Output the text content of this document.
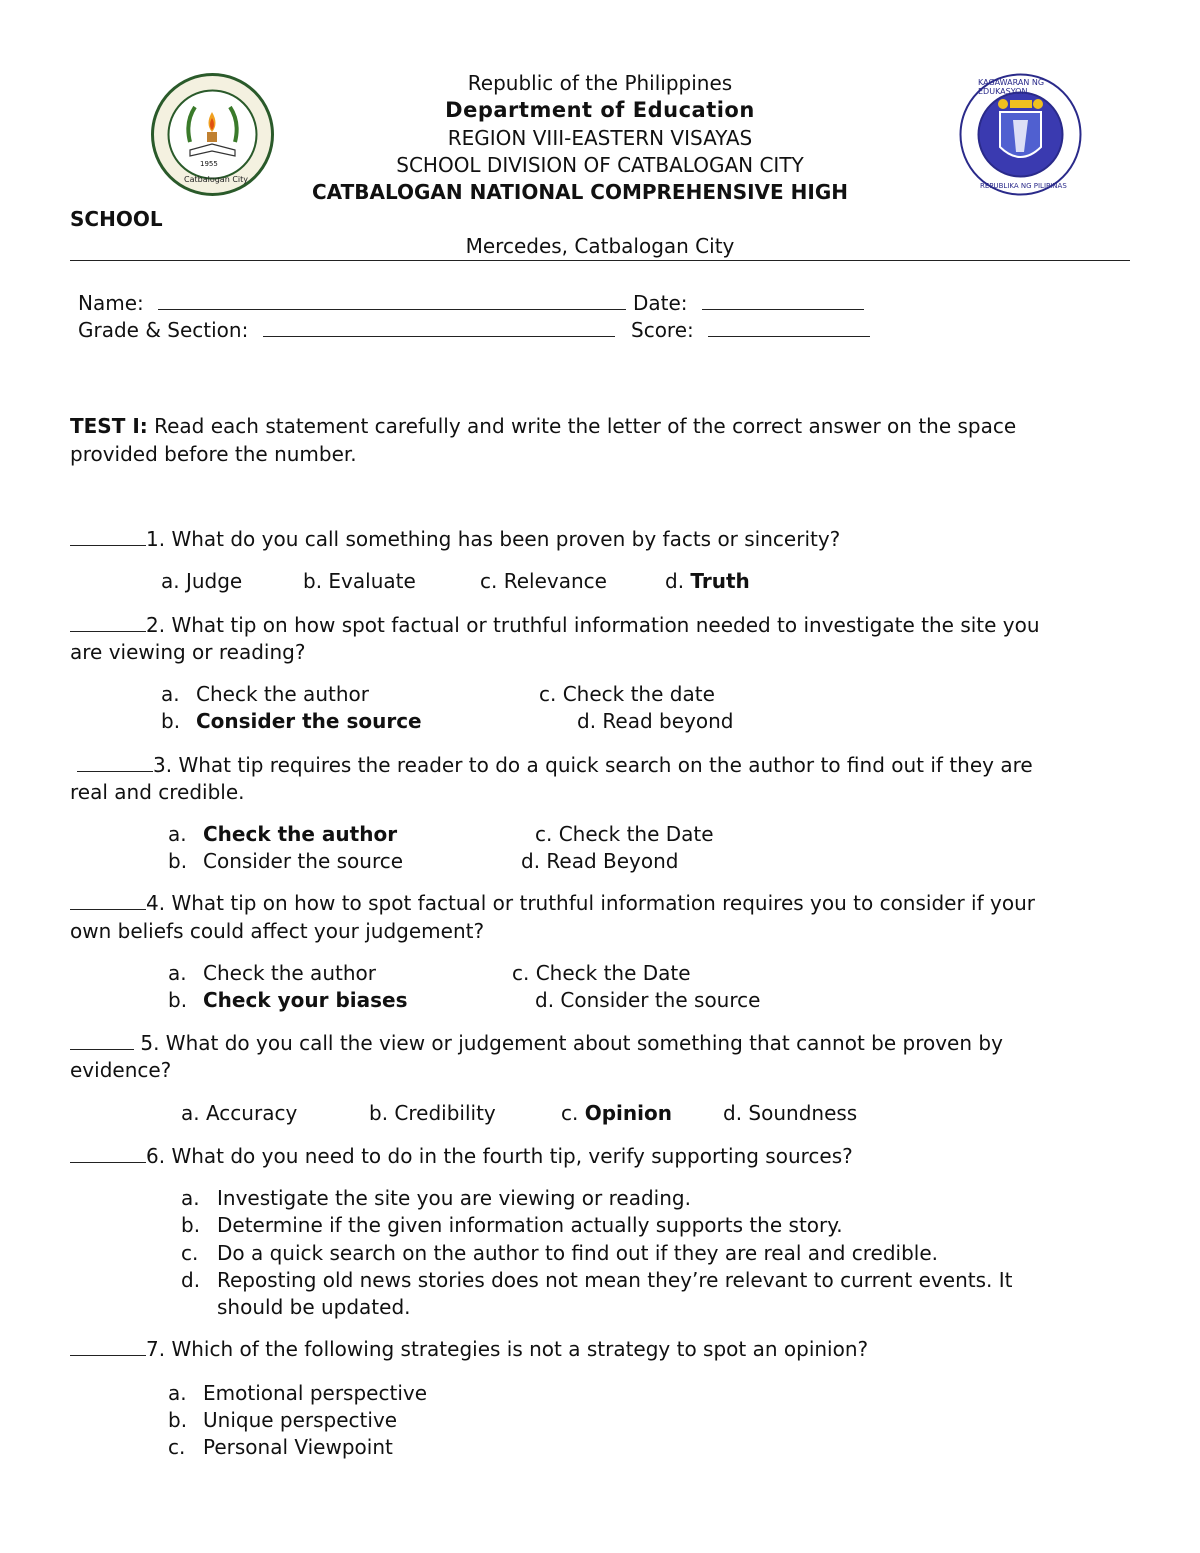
1955
Catbalogan City
KAGAWARAN NG EDUKASYON
REPUBLIKA NG PILIPINAS
Republic of the Philippines
Department of Education
REGION VIII-EASTERN VISAYAS
SCHOOL DIVISION OF CATBALOGAN CITY
CATBALOGAN NATIONAL COMPREHENSIVE HIGH
SCHOOL
Mercedes, Catbalogan City
Name:	Date:
Grade & Section:	Score:
TEST I: Read each statement carefully and write the letter of the correct answer on the space
provided before the number.
1. What do you call something has been proven by facts or sincerity?
a. Judge	b. Evaluate	c. Relevance	d. Truth
2. What tip on how spot factual or truthful information needed to investigate the site you
are viewing or reading?
a. Check the author	c. Check the date
b. Consider the source	d. Read beyond
3. What tip requires the reader to do a quick search on the author to find out if they are
real and credible.
a. Check the author	c. Check the Date
b. Consider the source	d. Read Beyond
4. What tip on how to spot factual or truthful information requires you to consider if your
own beliefs could affect your judgement?
a. Check the author	c. Check the Date
b. Check your biases	d. Consider the source
5. What do you call the view or judgement about something that cannot be proven by
evidence?
a. Accuracy	b. Credibility	c. Opinion	d. Soundness
6. What do you need to do in the fourth tip, verify supporting sources?
a. Investigate the site you are viewing or reading.
b. Determine if the given information actually supports the story.
c. Do a quick search on the author to find out if they are real and credible.
d. Reposting old news stories does not mean they’re relevant to current events. It
should be updated.
7. Which of the following strategies is not a strategy to spot an opinion?
a. Emotional perspective
b. Unique perspective
c. Personal Viewpoint
